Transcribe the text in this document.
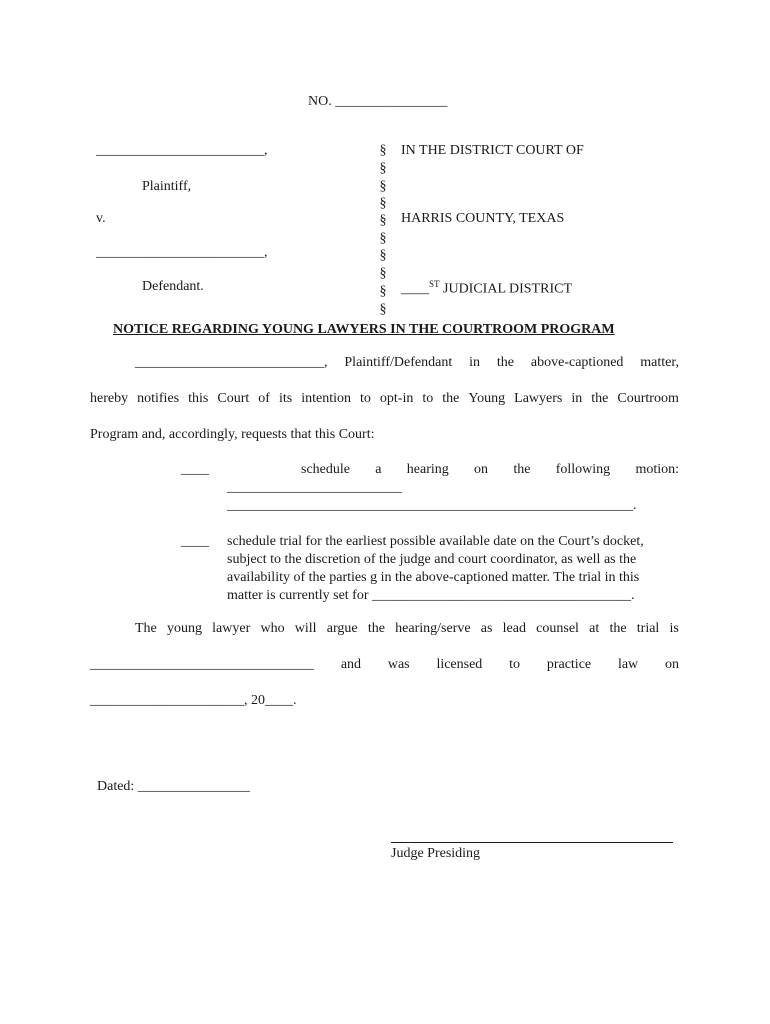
NO. ________________
________________________,
Plaintiff,
v.
________________________,
Defendant.
§
§
§
§
§
§
§
§
§
§
IN THE DISTRICT COURT OF
HARRIS COUNTY, TEXAS
____$^{ST}$ JUDICIAL DISTRICT
NOTICE REGARDING YOUNG LAWYERS IN THE COURTROOM PROGRAM
___________________________, Plaintiff/Defendant in the above-captioned matter,
hereby notifies this Court of its intention to opt-in to the Young Lawyers in the Courtroom
Program and, accordingly, requests that this Court:
____	schedule a hearing on the following motion:
_________________________
__________________________________________________________.
____ schedule trial for the earliest possible available date on the Court’s docket,
subject to the discretion of the judge and court coordinator, as well as the
availability of the parties g in the above-captioned matter. The trial in this
matter is currently set for _____________________________________.
The young lawyer who will argue the hearing/serve as lead counsel at the trial is
________________________________ and was licensed to practice law on
______________________, 20____.
Dated: ________________
Judge Presiding
